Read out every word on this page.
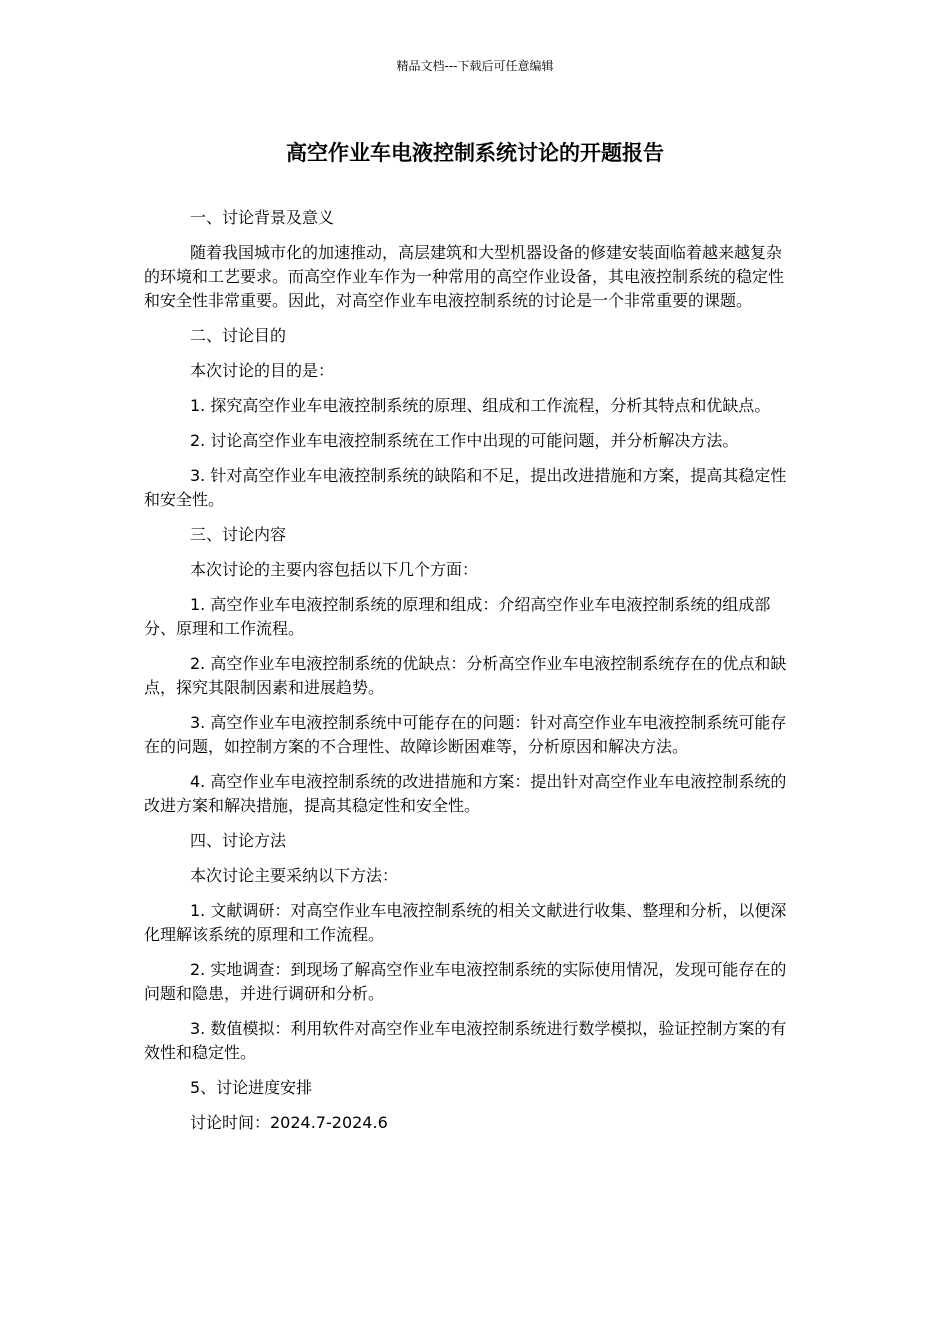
精品文档---下载后可任意编辑
高空作业车电液控制系统讨论的开题报告

一、讨论背景及意义

随着我国城市化的加速推动，高层建筑和大型机器设备的修建安装面临着越来越复杂的环境和工艺要求。而高空作业车作为一种常用的高空作业设备，其电液控制系统的稳定性和安全性非常重要。因此，对高空作业车电液控制系统的讨论是一个非常重要的课题。

二、讨论目的

本次讨论的目的是：

1. 探究高空作业车电液控制系统的原理、组成和工作流程，分析其特点和优缺点。

2. 讨论高空作业车电液控制系统在工作中出现的可能问题，并分析解决方法。

3. 针对高空作业车电液控制系统的缺陷和不足，提出改进措施和方案，提高其稳定性和安全性。

三、讨论内容

本次讨论的主要内容包括以下几个方面：

1. 高空作业车电液控制系统的原理和组成：介绍高空作业车电液控制系统的组成部分、原理和工作流程。

2. 高空作业车电液控制系统的优缺点：分析高空作业车电液控制系统存在的优点和缺点，探究其限制因素和进展趋势。

3. 高空作业车电液控制系统中可能存在的问题：针对高空作业车电液控制系统可能存在的问题，如控制方案的不合理性、故障诊断困难等，分析原因和解决方法。

4. 高空作业车电液控制系统的改进措施和方案：提出针对高空作业车电液控制系统的改进方案和解决措施，提高其稳定性和安全性。

四、讨论方法

本次讨论主要采纳以下方法：

1. 文献调研：对高空作业车电液控制系统的相关文献进行收集、整理和分析，以便深化理解该系统的原理和工作流程。

2. 实地调查：到现场了解高空作业车电液控制系统的实际使用情况，发现可能存在的问题和隐患，并进行调研和分析。

3. 数值模拟：利用软件对高空作业车电液控制系统进行数学模拟，验证控制方案的有效性和稳定性。

5、讨论进度安排

讨论时间：2024.7-2024.6
